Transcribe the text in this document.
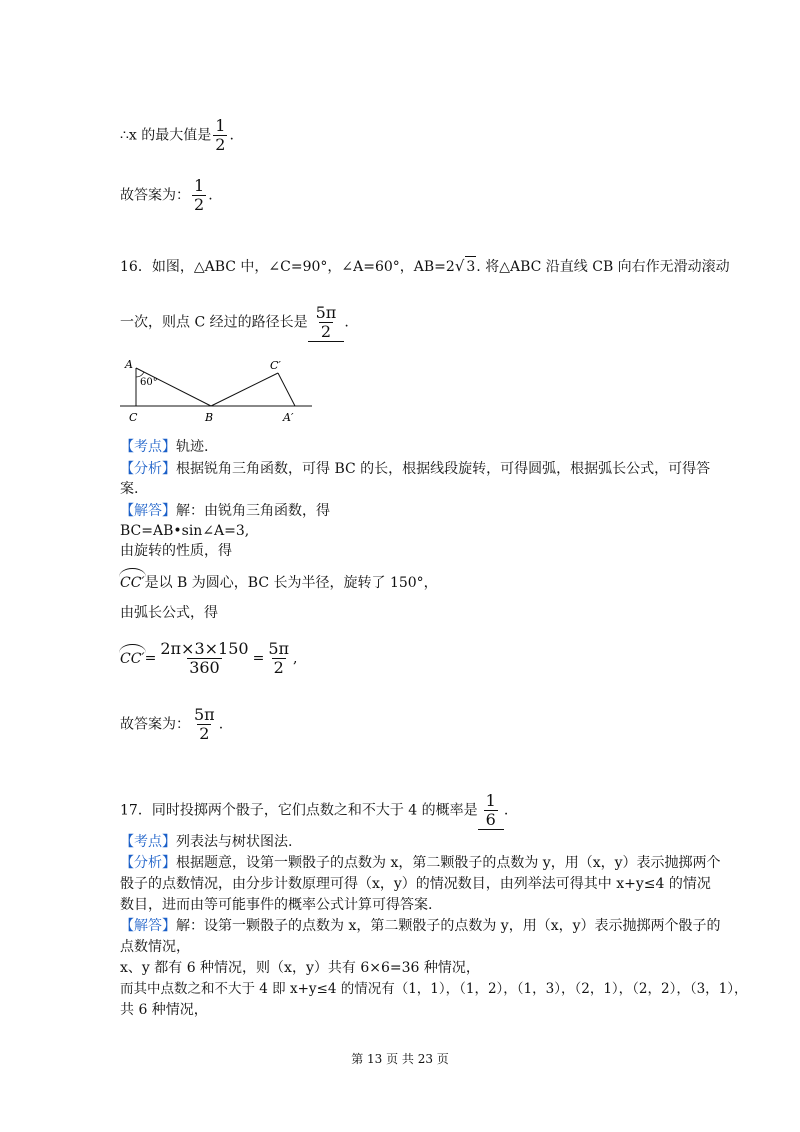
∴x 的最大值是 $\frac{1}{2}$ .
故答案为： $\frac{1}{2}$ .
16．如图，△ABC 中，∠C=90°，∠A=60°，AB=2√ 3. 将△ABC 沿直线 CB 向右作无滑动滚动
一次，则点 C 经过的路径长是 $\frac{5\pi}{2}$ .
A
60°
C	B	A′
C′
【考点】轨迹.
【分析】根据锐角三角函数，可得 BC 的长，根据线段旋转，可得圆弧，根据弧长公式，可得答
案.
【解答】解：由锐角三角函数，得
BC=AB•sin∠A=3,
由旋转的性质，得
CC′是以 B 为圆心，BC 长为半径，旋转了 150°，
由弧长公式，得
$CC'= \frac{2\pi\times 3\times 150}{360} = \frac{5\pi}{2}$ ,
故答案为： $\frac{5\pi}{2}$ .
17．同时投掷两个骰子，它们点数之和不大于 4 的概率是 $\frac{1}{6}$ .
【考点】列表法与树状图法.
【分析】根据题意，设第一颗骰子的点数为 x，第二颗骰子的点数为 y，用（x，y）表示抛掷两个
骰子的点数情况，由分步计数原理可得（x，y）的情况数目，由列举法可得其中 x+y≤4 的情况
数目，进而由等可能事件的概率公式计算可得答案.
【解答】解：设第一颗骰子的点数为 x，第二颗骰子的点数为 y，用（x，y）表示抛掷两个骰子的
点数情况，
x、y 都有 6 种情况，则（x，y）共有 6×6=36 种情况，
而其中点数之和不大于 4 即 x+y≤4 的情况有（1，1），（1，2），（1，3），（2，1），（2，2），（3，1），
共 6 种情况，
第 13 页 共 23 页
